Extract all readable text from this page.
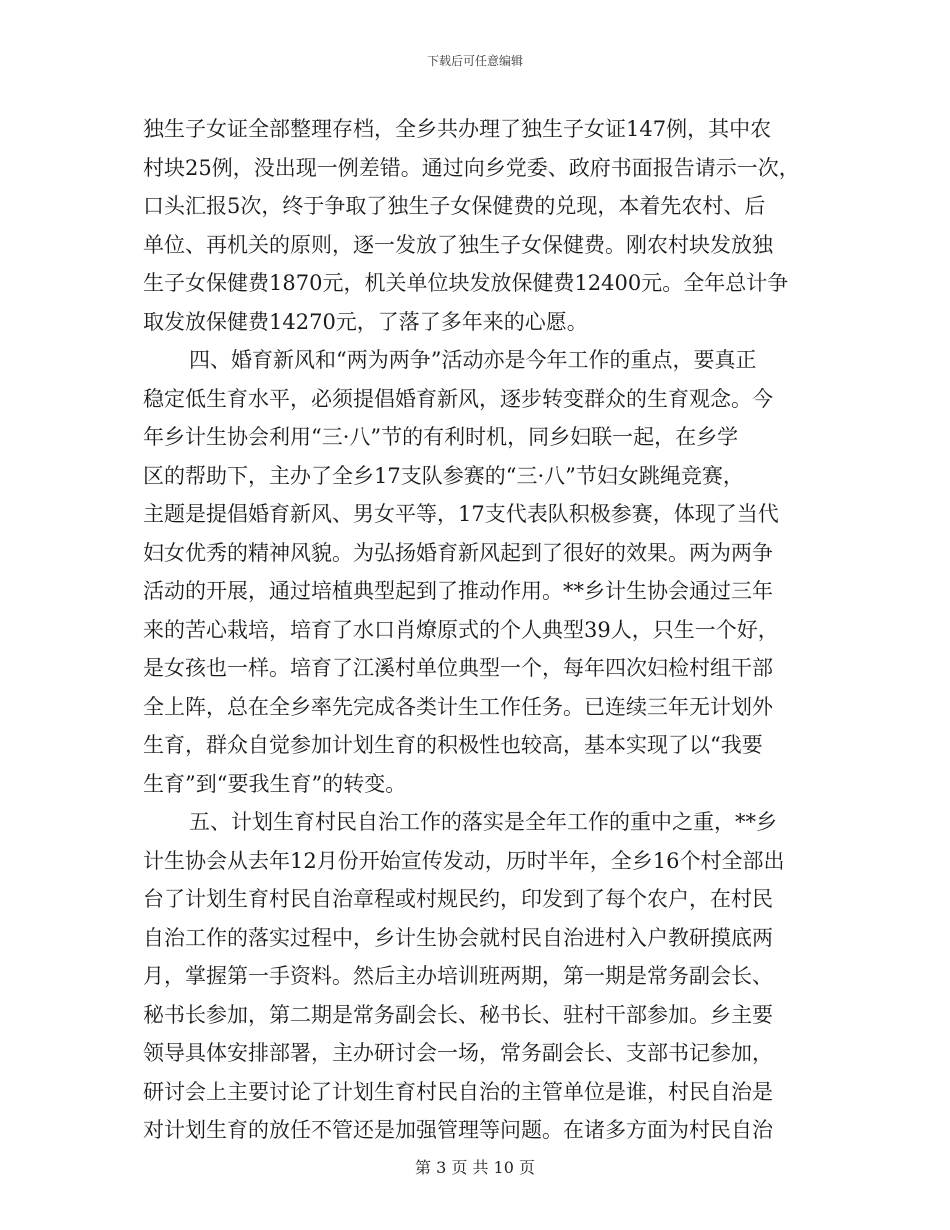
下载后可任意编辑
独生子女证全部整理存档，全乡共办理了独生子女证147例，其中农
村块25例，没出现一例差错。通过向乡党委、政府书面报告请示一次，
口头汇报5次，终于争取了独生子女保健费的兑现，本着先农村、后
单位、再机关的原则，逐一发放了独生子女保健费。刚农村块发放独
生子女保健费1870元，机关单位块发放保健费12400元。全年总计争
取发放保健费14270元，了落了多年来的心愿。
四、婚育新风和“两为两争”活动亦是今年工作的重点，要真正
稳定低生育水平，必须提倡婚育新风，逐步转变群众的生育观念。今
年乡计生协会利用“三·八”节的有利时机，同乡妇联一起，在乡学
区的帮助下，主办了全乡17支队参赛的“三·八”节妇女跳绳竞赛，
主题是提倡婚育新风、男女平等，17支代表队积极参赛，体现了当代
妇女优秀的精神风貌。为弘扬婚育新风起到了很好的效果。两为两争
活动的开展，通过培植典型起到了推动作用。**乡计生协会通过三年
来的苦心栽培，培育了水口肖燎原式的个人典型39人，只生一个好，
是女孩也一样。培育了江溪村单位典型一个，每年四次妇检村组干部
全上阵，总在全乡率先完成各类计生工作任务。已连续三年无计划外
生育，群众自觉参加计划生育的积极性也较高，基本实现了以“我要
生育”到“要我生育”的转变。
五、计划生育村民自治工作的落实是全年工作的重中之重，**乡
计生协会从去年12月份开始宣传发动，历时半年，全乡16个村全部出
台了计划生育村民自治章程或村规民约，印发到了每个农户，在村民
自治工作的落实过程中，乡计生协会就村民自治进村入户教研摸底两
月，掌握第一手资料。然后主办培训班两期，第一期是常务副会长、
秘书长参加，第二期是常务副会长、秘书长、驻村干部参加。乡主要
领导具体安排部署，主办研讨会一场，常务副会长、支部书记参加，
研讨会上主要讨论了计划生育村民自治的主管单位是谁，村民自治是
对计划生育的放任不管还是加强管理等问题。在诸多方面为村民自治
第 3 页 共 10 页
